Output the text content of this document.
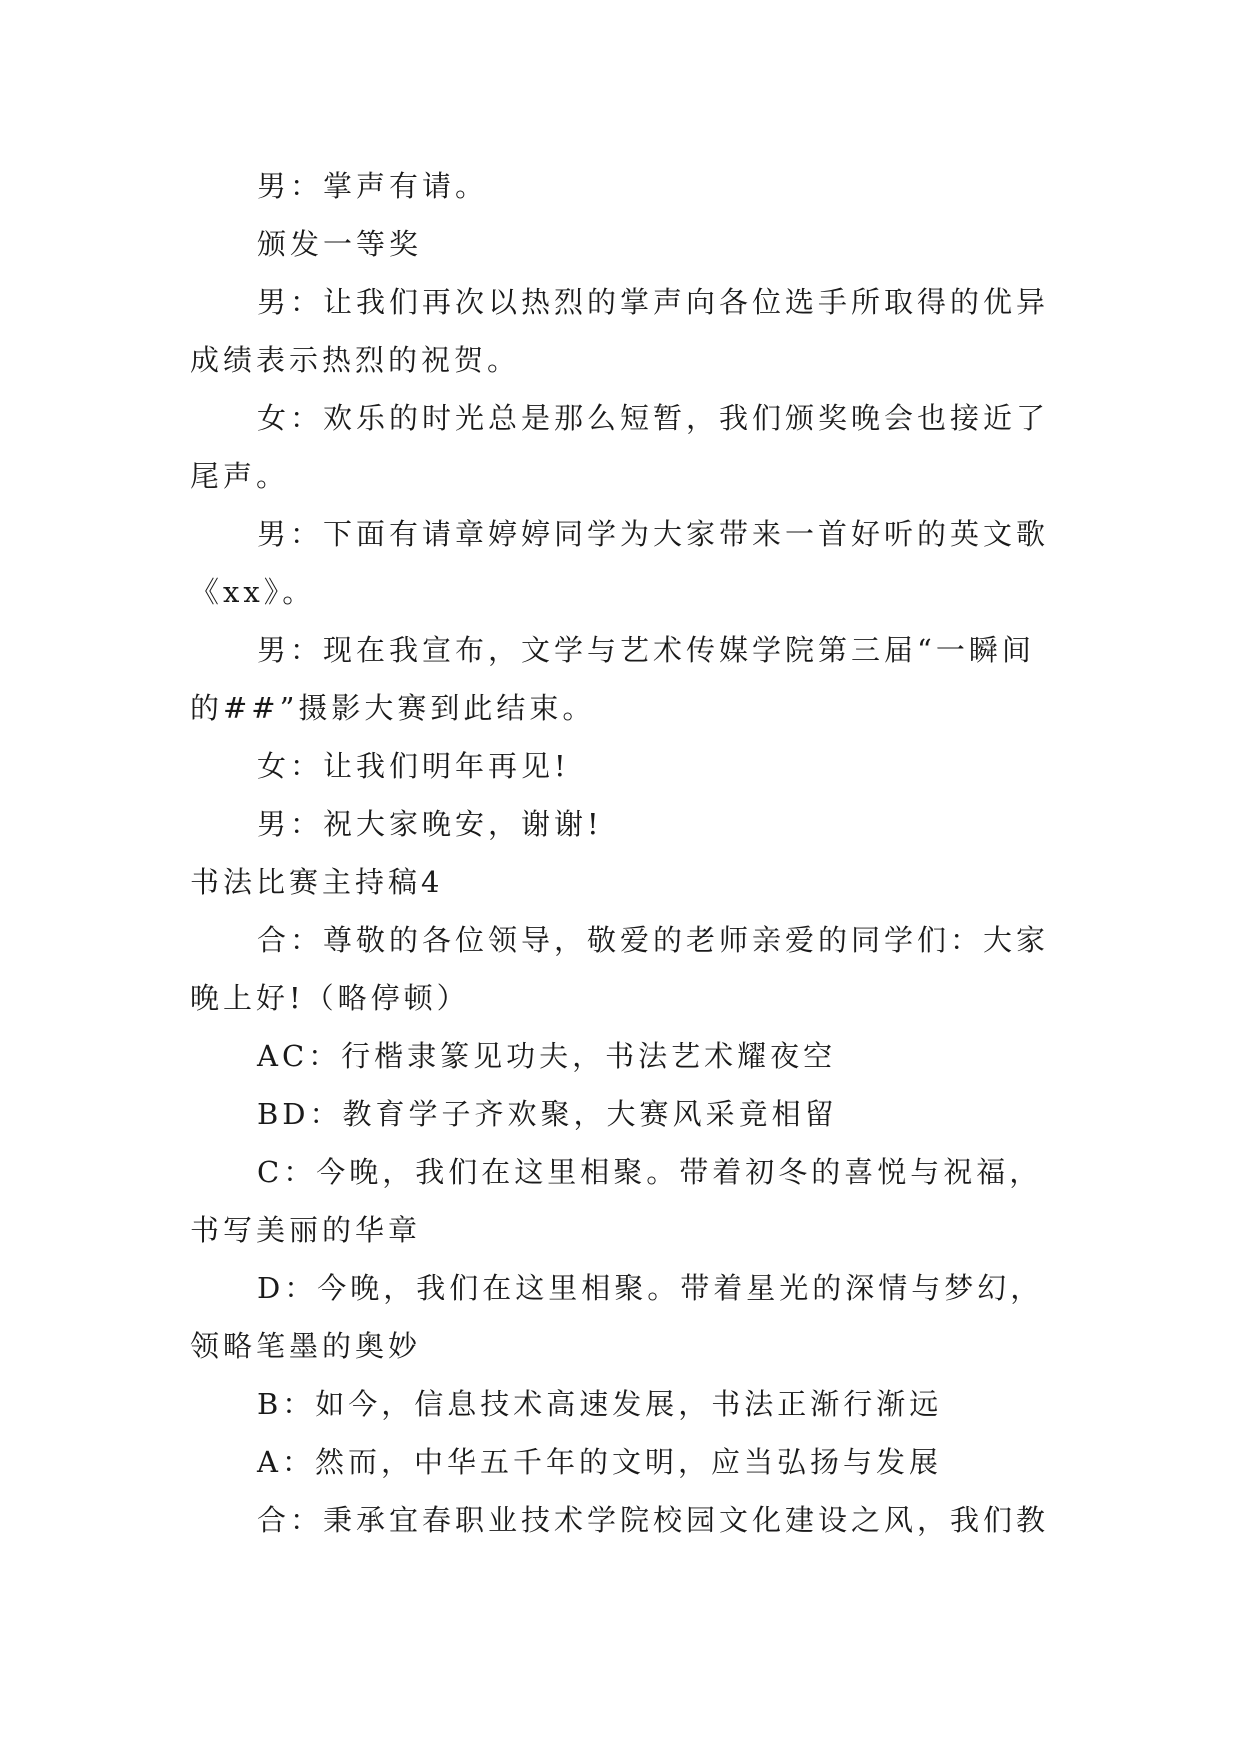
男：掌声有请。
颁发一等奖
男：让我们再次以热烈的掌声向各位选手所取得的优异
成绩表示热烈的祝贺。
女：欢乐的时光总是那么短暂，我们颁奖晚会也接近了
尾声。
男：下面有请章婷婷同学为大家带来一首好听的英文歌
《xx》。
男：现在我宣布，文学与艺术传媒学院第三届“一瞬间
的##”摄影大赛到此结束。
女：让我们明年再见!
男：祝大家晚安，谢谢!
书法比赛主持稿4
合：尊敬的各位领导，敬爱的老师亲爱的同学们：大家
晚上好!（略停顿）
AC：行楷隶篆见功夫，书法艺术耀夜空
BD：教育学子齐欢聚，大赛风采竟相留
C：今晚，我们在这里相聚。带着初冬的喜悦与祝福，
书写美丽的华章
D：今晚，我们在这里相聚。带着星光的深情与梦幻，
领略笔墨的奥妙
B：如今，信息技术高速发展，书法正渐行渐远
A：然而，中华五千年的文明，应当弘扬与发展
合：秉承宜春职业技术学院校园文化建设之风，我们教
